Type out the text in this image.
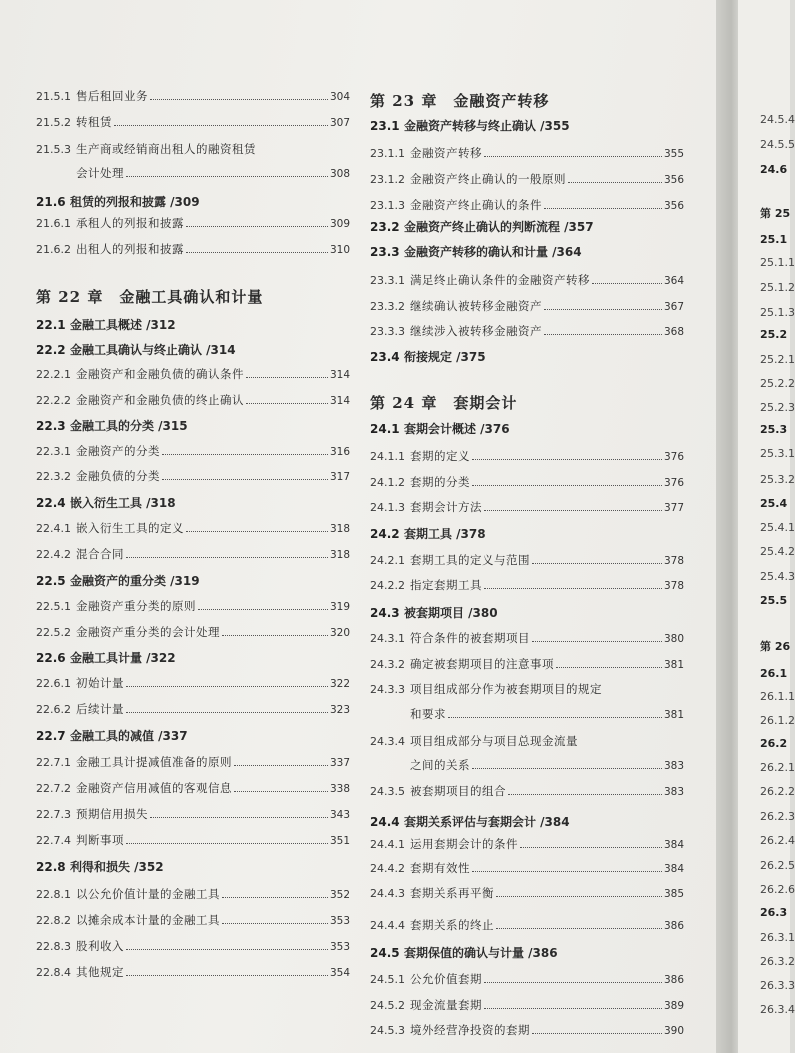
21.5.1 售后租回业务	304
21.5.2 转租赁	307
21.5.3 生产商或经销商出租人的融资租赁
会计处理	308
21.6 租赁的列报和披露 /309
21.6.1 承租人的列报和披露	309
21.6.2 出租人的列报和披露	310
第 22 章　金融工具确认和计量
22.1 金融工具概述 /312
22.2 金融工具确认与终止确认 /314
22.2.1 金融资产和金融负债的确认条件	314
22.2.2 金融资产和金融负债的终止确认	314
22.3 金融工具的分类 /315
22.3.1 金融资产的分类	316
22.3.2 金融负债的分类	317
22.4 嵌入衍生工具 /318
22.4.1 嵌入衍生工具的定义	318
22.4.2 混合合同	318
22.5 金融资产的重分类 /319
22.5.1 金融资产重分类的原则	319
22.5.2 金融资产重分类的会计处理	320
22.6 金融工具计量 /322
22.6.1 初始计量	322
22.6.2 后续计量	323
22.7 金融工具的减值 /337
22.7.1 金融工具计提减值准备的原则	337
22.7.2 金融资产信用减值的客观信息	338
22.7.3 预期信用损失	343
22.7.4 判断事项	351
22.8 利得和损失 /352
22.8.1 以公允价值计量的金融工具	352
22.8.2 以摊余成本计量的金融工具	353
22.8.3 股利收入	353
22.8.4 其他规定	354
第 23 章　金融资产转移
23.1 金融资产转移与终止确认 /355
23.1.1 金融资产转移	355
23.1.2 金融资产终止确认的一般原则	356
23.1.3 金融资产终止确认的条件	356
23.2 金融资产终止确认的判断流程 /357
23.3 金融资产转移的确认和计量 /364
23.3.1 满足终止确认条件的金融资产转移	364
23.3.2 继续确认被转移金融资产	367
23.3.3 继续涉入被转移金融资产	368
23.4 衔接规定 /375
第 24 章　套期会计
24.1 套期会计概述 /376
24.1.1 套期的定义	376
24.1.2 套期的分类	376
24.1.3 套期会计方法	377
24.2 套期工具 /378
24.2.1 套期工具的定义与范围	378
24.2.2 指定套期工具	378
24.3 被套期项目 /380
24.3.1 符合条件的被套期项目	380
24.3.2 确定被套期项目的注意事项	381
24.3.3 项目组成部分作为被套期项目的规定
和要求	381
24.3.4 项目组成部分与项目总现金流量
之间的关系	383
24.3.5 被套期项目的组合	383
24.4 套期关系评估与套期会计 /384
24.4.1 运用套期会计的条件	384
24.4.2 套期有效性	384
24.4.3 套期关系再平衡	385
24.4.4 套期关系的终止	386
24.5 套期保值的确认与计量 /386
24.5.1 公允价值套期	386
24.5.2 现金流量套期	389
24.5.3 境外经营净投资的套期	390
24.5.4
24.5.5
24.6
第 25
25.1
25.1.1
25.1.2
25.1.3
25.2
25.2.1
25.2.2
25.2.3
25.3
25.3.1
25.3.2
25.4
25.4.1
25.4.2
25.4.3
25.5
第 26
26.1
26.1.1
26.1.2
26.2
26.2.1
26.2.2
26.2.3
26.2.4
26.2.5
26.2.6
26.3
26.3.1
26.3.2
26.3.3
26.3.4
